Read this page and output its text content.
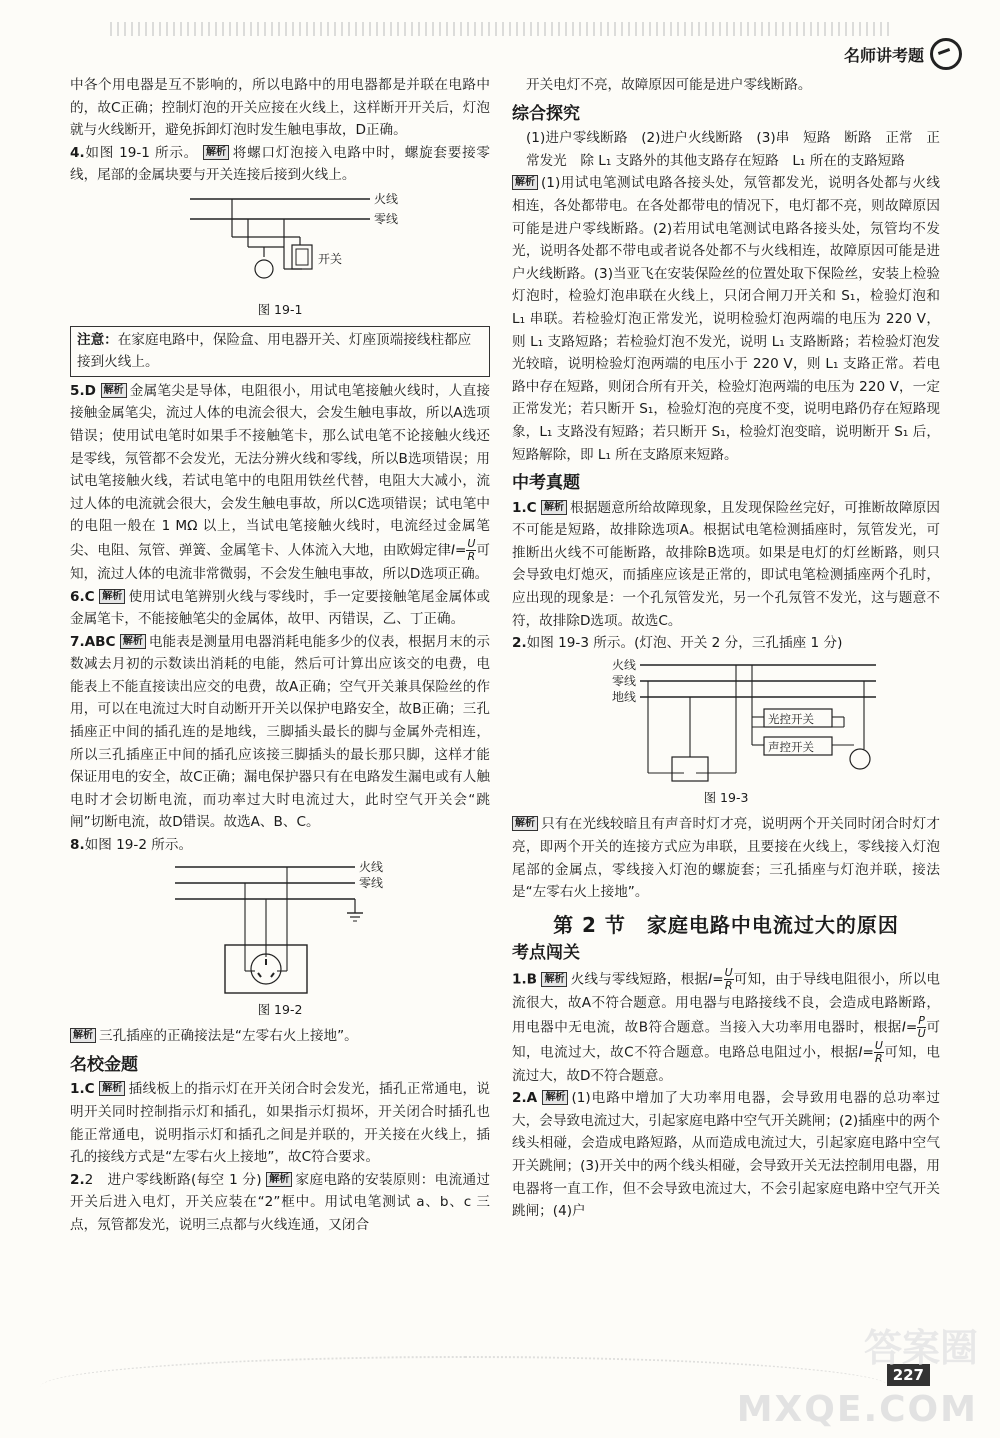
名师讲考题

中各个用电器是互不影响的，所以电路中的用电器都是并联在电路中的，故C正确；控制灯泡的开关应接在火线上，这样断开开关后，灯泡就与火线断开，避免拆卸灯泡时发生触电事故，D正确。

4.如图 19-1 所示。 解析 将螺口灯泡接入电路中时，螺旋套要接零线，尾部的金属块要与开关连接后接到火线上。

火线
零线
开关
图 19-1
注意：在家庭电路中，保险盒、用电器开关、灯座顶端接线柱都应接到火线上。

5.D 解析 金属笔尖是导体，电阻很小，用试电笔接触火线时，人直接接触金属笔尖，流过人体的电流会很大，会发生触电事故，所以A选项错误；使用试电笔时如果手不接触笔卡，那么试电笔不论接触火线还是零线，氖管都不会发光，无法分辨火线和零线，所以B选项错误；用试电笔接触火线，若试电笔中的电阻用铁丝代替，电阻大大减小，流过人体的电流就会很大，会发生触电事故，所以C选项错误；试电笔中的电阻一般在 1 MΩ 以上，当试电笔接触火线时，电流经过金属笔尖、电阻、氖管、弹簧、金属笔卡、人体流入大地，由欧姆定律$I= \frac{U}{R}$ 可知，流过人体的电流非常微弱，不会发生触电事故，所以D选项正确。

6.C 解析 使用试电笔辨别火线与零线时，手一定要接触笔尾金属体或金属笔卡，不能接触笔尖的金属体，故甲、丙错误，乙、丁正确。

7.ABC 解析 电能表是测量用电器消耗电能多少的仪表，根据月末的示数减去月初的示数读出消耗的电能，然后可计算出应该交的电费，电能表上不能直接读出应交的电费，故A正确；空气开关兼具保险丝的作用，可以在电流过大时自动断开开关以保护电路安全，故B正确；三孔插座正中间的插孔连的是地线，三脚插头最长的脚与金属外壳相连，所以三孔插座正中间的插孔应该接三脚插头的最长那只脚，这样才能保证用电的安全，故C正确；漏电保护器只有在电路发生漏电或有人触电时才会切断电流，而功率过大时电流过大，此时空气开关会“跳闸”切断电流，故D错误。故选A、B、C。

8.如图 19-2 所示。

火线
零线
图 19-2

解析 三孔插座的正确接法是“左零右火上接地”。

名校金题

1.C 解析 插线板上的指示灯在开关闭合时会发光，插孔正常通电，说明开关同时控制指示灯和插孔，如果指示灯损坏，开关闭合时插孔也能正常通电，说明指示灯和插孔之间是并联的，开关接在火线上，插孔的接线方式是“左零右火上接地”，故C符合要求。

2.2　进户零线断路(每空 1 分) 解析 家庭电路的安装原则：电流通过开关后进入电灯，开关应装在“2”框中。用试电笔测试 a、b、c 三点，氖管都发光，说明三点都与火线连通，又闭合

开关电灯不亮，故障原因可能是进户零线断路。

综合探究

(1)进户零线断路　(2)进户火线断路　(3)串　短路　断路　正常　正常发光　除 L₁ 支路外的其他支路存在短路　L₁ 所在的支路短路

解析 (1)用试电笔测试电路各接头处，氖管都发光，说明各处都与火线相连，各处都带电。在各处都带电的情况下，电灯都不亮，则故障原因可能是进户零线断路。(2)若用试电笔测试电路各接头处，氖管均不发光，说明各处都不带电或者说各处都不与火线相连，故障原因可能是进户火线断路。(3)当亚飞在安装保险丝的位置处取下保险丝，安装上检验灯泡时，检验灯泡串联在火线上，只闭合闸刀开关和 S₁，检验灯泡和 L₁ 串联。若检验灯泡正常发光，说明检验灯泡两端的电压为 220 V，则 L₁ 支路短路；若检验灯泡不发光，说明 L₁ 支路断路；若检验灯泡发光较暗，说明检验灯泡两端的电压小于 220 V，则 L₁ 支路正常。若电路中存在短路，则闭合所有开关，检验灯泡两端的电压为 220 V，一定正常发光；若只断开 S₁，检验灯泡的亮度不变，说明电路仍存在短路现象，L₁ 支路没有短路；若只断开 S₁，检验灯泡变暗，说明断开 S₁ 后，短路解除，即 L₁ 所在支路原来短路。

中考真题

1.C 解析 根据题意所给故障现象，且发现保险丝完好，可推断故障原因不可能是短路，故排除选项A。根据试电笔检测插座时，氖管发光，可推断出火线不可能断路，故排除B选项。如果是电灯的灯丝断路，则只会导致电灯熄灭，而插座应该是正常的，即试电笔检测插座两个孔时，应出现的现象是：一个孔氖管发光，另一个孔氖管不发光，这与题意不符，故排除D选项。故选C。

2.如图 19-3 所示。(灯泡、开关 2 分，三孔插座 1 分)

火线
零线
地线
光控开关
声控开关
图 19-3

解析 只有在光线较暗且有声音时灯才亮，说明两个开关同时闭合时灯才亮，即两个开关的连接方式应为串联，且要接在火线上，零线接入灯泡尾部的金属点，零线接入灯泡的螺旋套；三孔插座与灯泡并联，接法是“左零右火上接地”。

第 2 节　家庭电路中电流过大的原因
考点闯关

1.B 解析 火线与零线短路，根据$I= \frac{U}{R}$ 可知，由于导线电阻很小，所以电流很大，故A不符合题意。用电器与电路接线不良，会造成电路断路，用电器中无电流，故B符合题意。当接入大功率用电器时，根据$I= \frac{P}{U}$ 可知，电流过大，故C不符合题意。电路总电阻过小，根据$I= \frac{U}{R}$ 可知，电流过大，故D不符合题意。

2.A 解析 (1)电路中增加了大功率用电器，会导致用电器的总功率过大，会导致电流过大，引起家庭电路中空气开关跳闸；(2)插座中的两个线头相碰，会造成电路短路，从而造成电流过大，引起家庭电路中空气开关跳闸；(3)开关中的两个线头相碰，会导致开关无法控制用电器，用电器将一直工作，但不会导致电流过大，不会引起家庭电路中空气开关跳闸；(4)户

227
答案圈
MXQE.COM
